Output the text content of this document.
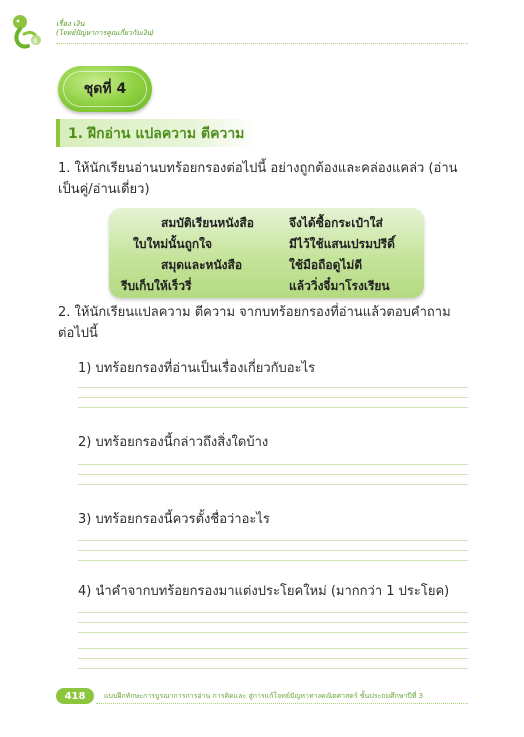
฿
เรื่อง เงิน
(โจทย์ปัญหาการคูณเกี่ยวกับเงิน)
ชุดที่ 4
1. ฝึกอ่าน แปลความ ตีความ
1. ให้นักเรียนอ่านบทร้อยกรองต่อไปนี้ อย่างถูกต้องและคล่องแคล่ว (อ่านเป็นคู่/อ่านเดี่ยว)
สมบัติเรียนหนังสือ	จึงได้ซื้อกระเป๋าใส่
ใบใหม่นั้นถูกใจ	มีไว้ใช้แสนเปรมปรีดิ์
สมุดและหนังสือ	ใช้มือถือดูไม่ดี
รีบเก็บให้เร็วรี่	แล้ววิ่งจี๋มาโรงเรียน
2. ให้นักเรียนแปลความ ตีความ จากบทร้อยกรองที่อ่านแล้วตอบคำถาม ต่อไปนี้
1) บทร้อยกรองที่อ่านเป็นเรื่องเกี่ยวกับอะไร
2) บทร้อยกรองนี้กล่าวถึงสิ่งใดบ้าง
3) บทร้อยกรองนี้ควรตั้งชื่อว่าอะไร
4) นำคำจากบทร้อยกรองมาแต่งประโยคใหม่ (มากกว่า 1 ประโยค)
418	แบบฝึกทักษะการบูรณาการการอ่าน การคิดและ สู่การแก้โจทย์ปัญหาทางคณิตศาสตร์ ชั้นประถมศึกษาปีที่ 3
